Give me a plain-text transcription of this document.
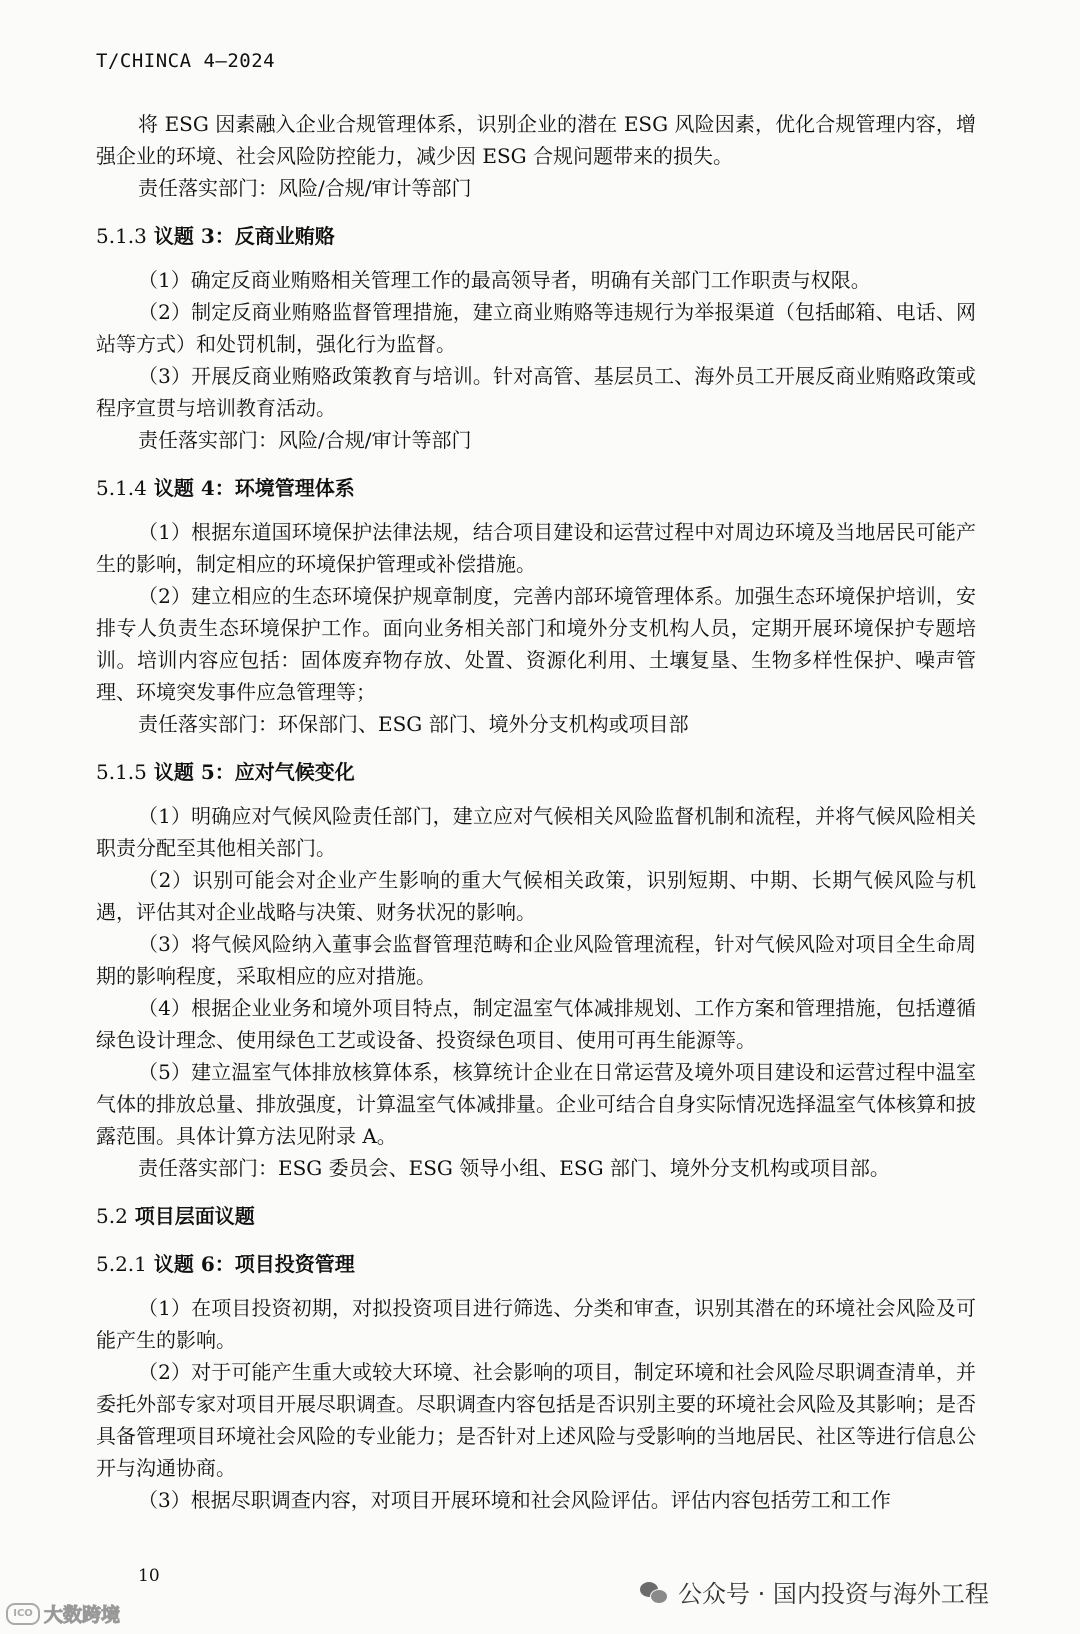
T/CHINCA 4—2024

将 ESG 因素融入企业合规管理体系，识别企业的潜在 ESG 风险因素，优化合规管理内容，增强企业的环境、社会风险防控能力，减少因 ESG 合规问题带来的损失。

责任落实部门：风险/合规/审计等部门

5.1.3 议题 3：反商业贿赂

（1）确定反商业贿赂相关管理工作的最高领导者，明确有关部门工作职责与权限。

（2）制定反商业贿赂监督管理措施，建立商业贿赂等违规行为举报渠道（包括邮箱、电话、网站等方式）和处罚机制，强化行为监督。

（3）开展反商业贿赂政策教育与培训。针对高管、基层员工、海外员工开展反商业贿赂政策或程序宣贯与培训教育活动。

责任落实部门：风险/合规/审计等部门

5.1.4 议题 4：环境管理体系

（1）根据东道国环境保护法律法规，结合项目建设和运营过程中对周边环境及当地居民可能产生的影响，制定相应的环境保护管理或补偿措施。

（2）建立相应的生态环境保护规章制度，完善内部环境管理体系。加强生态环境保护培训，安排专人负责生态环境保护工作。面向业务相关部门和境外分支机构人员，定期开展环境保护专题培训。培训内容应包括：固体废弃物存放、处置、资源化利用、土壤复垦、生物多样性保护、噪声管理、环境突发事件应急管理等；

责任落实部门：环保部门、ESG 部门、境外分支机构或项目部

5.1.5 议题 5：应对气候变化

（1）明确应对气候风险责任部门，建立应对气候相关风险监督机制和流程，并将气候风险相关职责分配至其他相关部门。

（2）识别可能会对企业产生影响的重大气候相关政策，识别短期、中期、长期气候风险与机遇，评估其对企业战略与决策、财务状况的影响。

（3）将气候风险纳入董事会监督管理范畴和企业风险管理流程，针对气候风险对项目全生命周期的影响程度，采取相应的应对措施。

（4）根据企业业务和境外项目特点，制定温室气体减排规划、工作方案和管理措施，包括遵循绿色设计理念、使用绿色工艺或设备、投资绿色项目、使用可再生能源等。

（5）建立温室气体排放核算体系，核算统计企业在日常运营及境外项目建设和运营过程中温室气体的排放总量、排放强度，计算温室气体减排量。企业可结合自身实际情况选择温室气体核算和披露范围。具体计算方法见附录 A。

责任落实部门：ESG 委员会、ESG 领导小组、ESG 部门、境外分支机构或项目部。

5.2 项目层面议题
5.2.1 议题 6：项目投资管理

（1）在项目投资初期，对拟投资项目进行筛选、分类和审查，识别其潜在的环境社会风险及可能产生的影响。

（2）对于可能产生重大或较大环境、社会影响的项目，制定环境和社会风险尽职调查清单，并委托外部专家对项目开展尽职调查。尽职调查内容包括是否识别主要的环境社会风险及其影响；是否具备管理项目环境社会风险的专业能力；是否针对上述风险与受影响的当地居民、社区等进行信息公开与沟通协商。

（3）根据尽职调查内容，对项目开展环境和社会风险评估。评估内容包括劳工和工作

10
公众号 · 国内投资与海外工程
ICO 大数跨境
